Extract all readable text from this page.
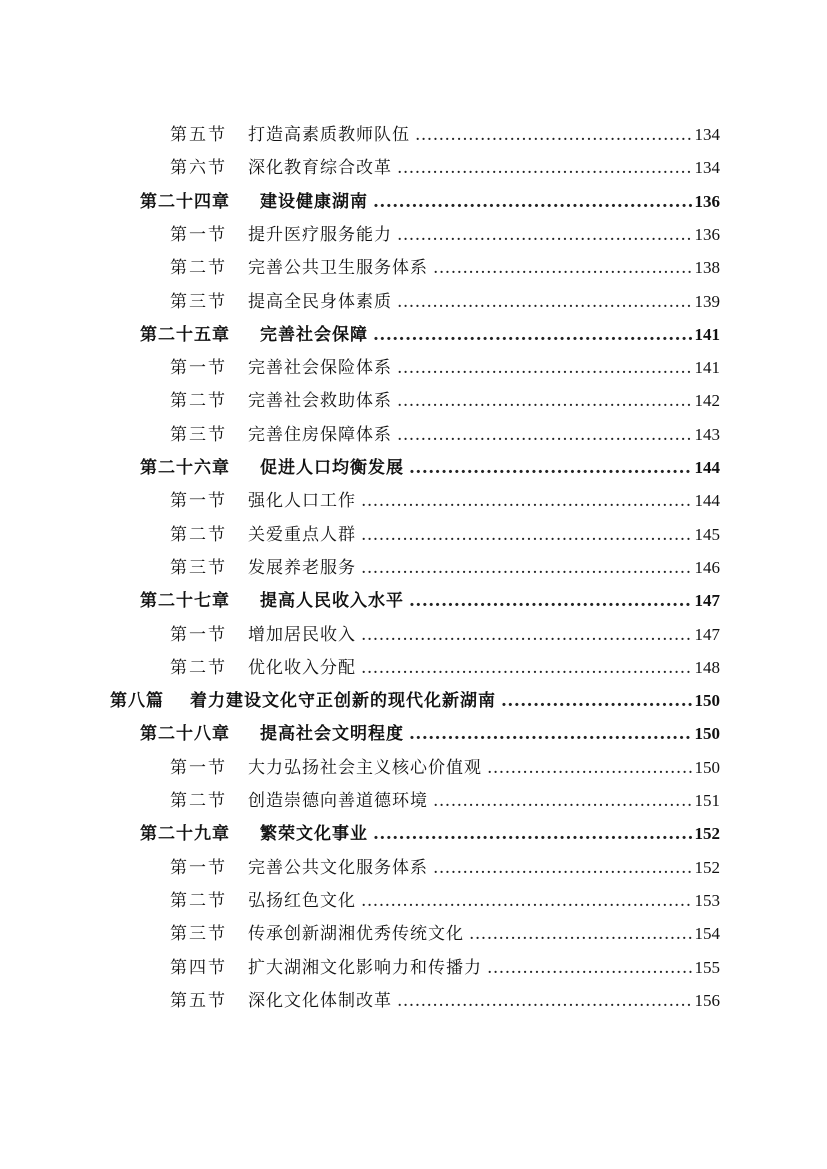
第五节	打造高素质教师队伍 .....	134
第六节	深化教育综合改革 .....	134
第二十四章	建设健康湖南 .....	136
第一节	提升医疗服务能力 .....	136
第二节	完善公共卫生服务体系 .....	138
第三节	提高全民身体素质 .....	139
第二十五章	完善社会保障 .....	141
第一节	完善社会保险体系 .....	141
第二节	完善社会救助体系 .....	142
第三节	完善住房保障体系 .....	143
第二十六章	促进人口均衡发展 .....	144
第一节	强化人口工作 .....	144
第二节	关爱重点人群 .....	145
第三节	发展养老服务 .....	146
第二十七章	提高人民收入水平 .....	147
第一节	增加居民收入 .....	147
第二节	优化收入分配 .....	148
第八篇	着力建设文化守正创新的现代化新湖南 .....	150
第二十八章	提高社会文明程度 .....	150
第一节	大力弘扬社会主义核心价值观 .....	150
第二节	创造崇德向善道德环境 .....	151
第二十九章	繁荣文化事业 .....	152
第一节	完善公共文化服务体系 .....	152
第二节	弘扬红色文化 .....	153
第三节	传承创新湖湘优秀传统文化 .....	154
第四节	扩大湖湘文化影响力和传播力 .....	155
第五节	深化文化体制改革 .....	156
